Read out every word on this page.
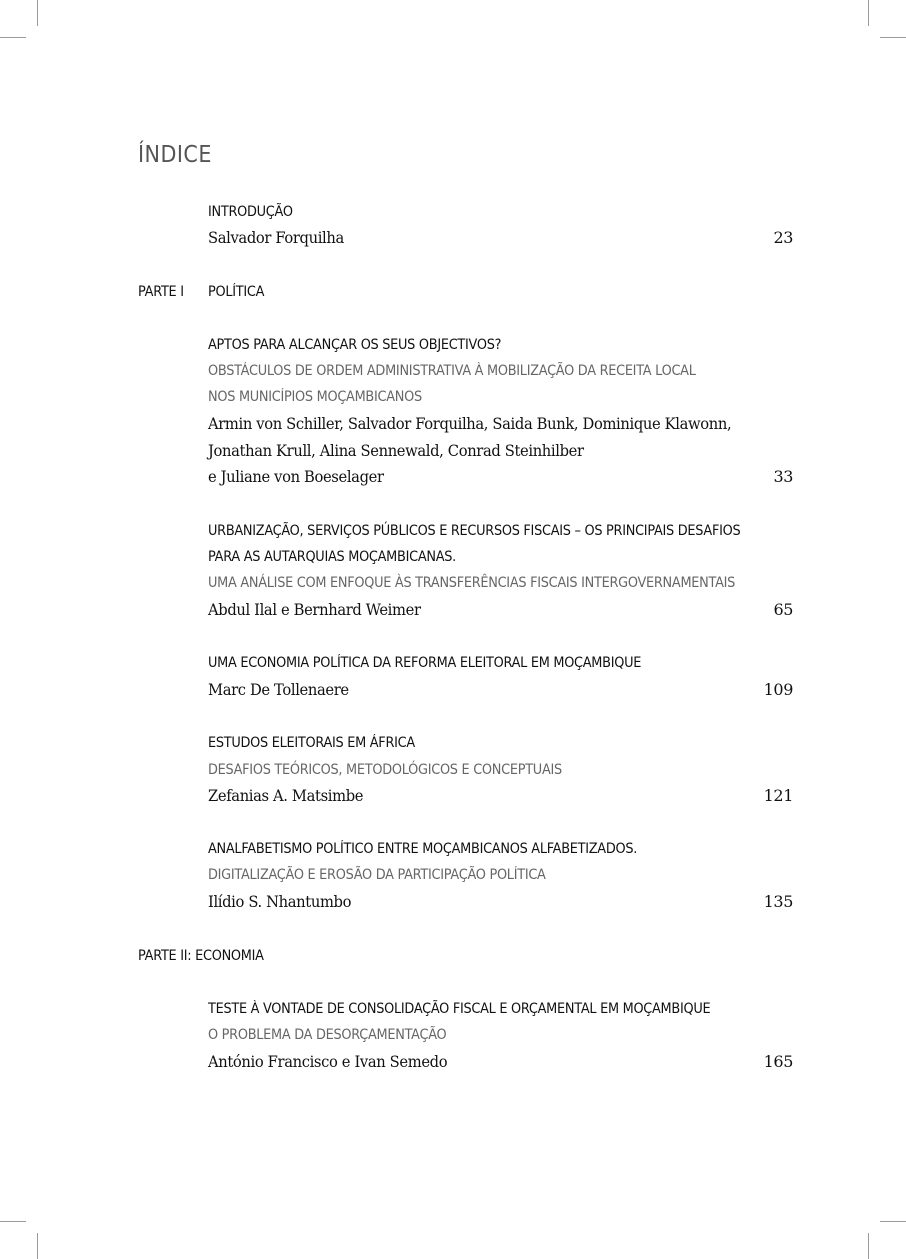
ÍNDICE
INTRODUÇÃO
Salvador Forquilha	23
PARTE I POLÍTICA
APTOS PARA ALCANÇAR OS SEUS OBJECTIVOS?
OBSTÁCULOS DE ORDEM ADMINISTRATIVA À MOBILIZAÇÃO DA RECEITA LOCAL
NOS MUNICÍPIOS MOÇAMBICANOS
Armin von Schiller, Salvador Forquilha, Saida Bunk, Dominique Klawonn,
Jonathan Krull, Alina Sennewald, Conrad Steinhilber
e Juliane von Boeselager	33
URBANIZAÇÃO, SERVIÇOS PÚBLICOS E RECURSOS FISCAIS – OS PRINCIPAIS DESAFIOS
PARA AS AUTARQUIAS MOÇAMBICANAS.
UMA ANÁLISE COM ENFOQUE ÀS TRANSFERÊNCIAS FISCAIS INTERGOVERNAMENTAIS
Abdul Ilal e Bernhard Weimer	65
UMA ECONOMIA POLÍTICA DA REFORMA ELEITORAL EM MOÇAMBIQUE
Marc De Tollenaere	109
ESTUDOS ELEITORAIS EM ÁFRICA
DESAFIOS TEÓRICOS, METODOLÓGICOS E CONCEPTUAIS
Zefanias A. Matsimbe	121
ANALFABETISMO POLÍTICO ENTRE MOÇAMBICANOS ALFABETIZADOS.
DIGITALIZAÇÃO E EROSÃO DA PARTICIPAÇÃO POLÍTICA
Ilídio S. Nhantumbo	135
PARTE II: ECONOMIA
TESTE À VONTADE DE CONSOLIDAÇÃO FISCAL E ORÇAMENTAL EM MOÇAMBIQUE
O PROBLEMA DA DESORÇAMENTAÇÃO
António Francisco e Ivan Semedo	165
